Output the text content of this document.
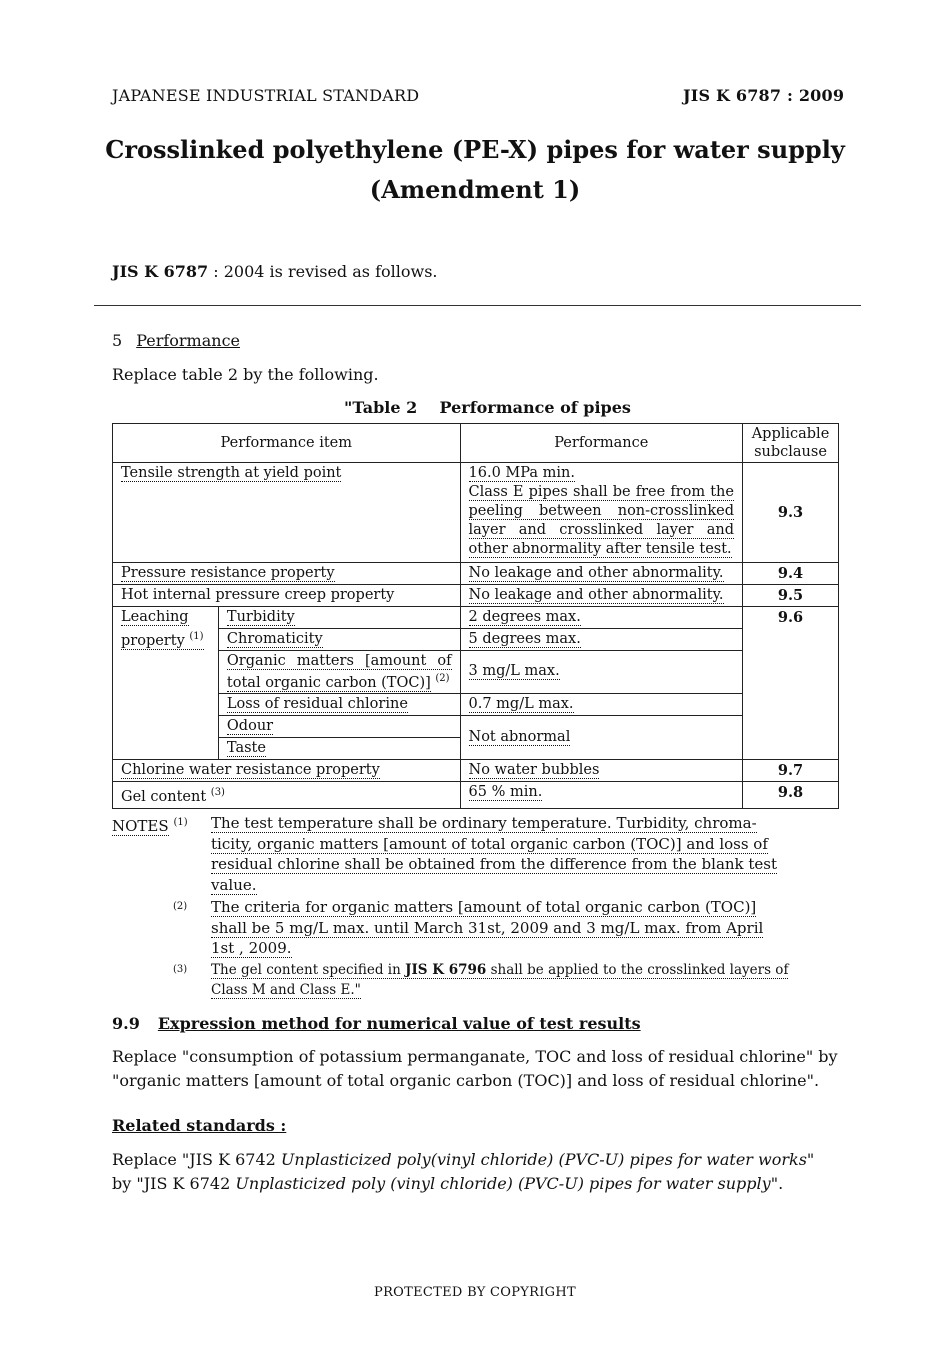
JAPANESE INDUSTRIAL STANDARD	JIS K 6787 : 2009
Crosslinked polyethylene (PE-X) pipes for water supply
(Amendment 1)
JIS K 6787 : 2004 is revised as follows.
5 Performance
Replace table 2 by the following.
"Table 2    Performance of pipes
Performance item		Performance	Applicable
subclause
Tensile strength at yield point		16.0 MPa min.
Class E pipes shall be free from the peeling between non-crosslinked layer and crosslinked layer and other abnormality after tensile test.	9.3
Pressure resistance property		No leakage and other abnormality.	9.4
Hot internal pressure creep property		No leakage and other abnormality.	9.5
Leaching
property $^{(1)}$	Turbidity	2 degrees max.	9.6
	Chromaticity	5 degrees max.	
	Organic matters [amount of total organic carbon (TOC)] $^{(2)}$	3 mg/L max.	
	Loss of residual chlorine	0.7 mg/L max.	
	Odour	Not abnormal	
	Taste		
Chlorine water resistance property		No water bubbles	9.7
Gel content $^{(3)}$		65 % min.	9.8
NOTES $^{(1)}$ The test temperature shall be ordinary temperature. Turbidity, chroma-
ticity, organic matters [amount of total organic carbon (TOC)] and loss of
residual chlorine shall be obtained from the difference from the blank test
value.
$^{(2)}$ The criteria for organic matters [amount of total organic carbon (TOC)]
shall be 5 mg/L max. until March 31st, 2009 and 3 mg/L max. from April
1st , 2009.
$^{(3)}$ The gel content specified in JIS K 6796 shall be applied to the crosslinked layers of
Class M and Class E."
9.9 Expression method for numerical value of test results
Replace "consumption of potassium permanganate, TOC and loss of residual chlorine" by
"organic matters [amount of total organic carbon (TOC)] and loss of residual chlorine".
Related standards :
Replace "JIS K 6742 Unplasticized poly(vinyl chloride) (PVC-U) pipes for water works"
by "JIS K 6742 Unplasticized poly (vinyl chloride) (PVC-U) pipes for water supply".
PROTECTED BY COPYRIGHT
